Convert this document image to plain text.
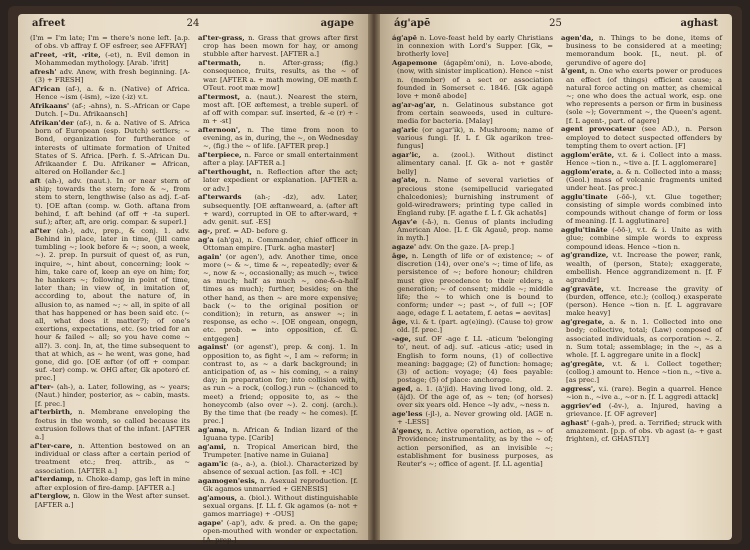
afreet	24	agape

(I'm = I'm late; I'm = there's none left. [a.p. of obs. vb affray f. OF esfreer, see AFFRAY]

af'reet, -rit, -rite, (-et), n. Evil demon in Mohammedan mythology. [Arab. 'ifrit]

afresh' adv. Anew, with fresh beginning. [A- (3) + FRESH]

Af'rican (af-), a. & n. (Native) of Africa. Hence ~ism (-ism), ~ize (-iz) v.t.

Afrikaans' (af-; -ahns), n. S.-African or Cape Dutch. [~Du. Afrikaansch]

Afrikan'der (af-), n. & a. Native of S. Africa born of European (esp. Dutch) settlers; ~ Bond, organization for furtherance of interests of ultimate formation of United States of S. Africa. [Perh. f. S.-African Du. Afrikaander f. Du. Afrikaner = African, altered on Hollander &c.]

aft (ah-), adv. (naut.). In or near stern of ship; towards the stern; fore & ~, from stem to stern, lengthwise (also as adj. f.-af-t). [OE aftan (comp. w. Goth. aftana from behind, f. aft behind (af off + -ta superl. suf.); after, aft, are orig. compar. & superl.]

af'ter (ah-), adv., prep., & conj. 1. adv. Behind in place, later in time, (Jill came tumbling ~; look before & ~; soon, a week, ~). 2. prep. In pursuit of quest of, as run, inquire, ~, hint about, concerning; look ~ him, take care of, keep an eye on him; for, he hankers ~; following in point of time, later than; in view of, in imitation of, according to, about the nature of, in allusion to, as named ~; ~ all, in spite of all that has happened or has been said etc. (~ all, what does it matter?); of one's exertions, expectations, etc. (so tried for an hour & failed ~ all; so you have come ~ all?). 3. conj. In, at, the time subsequent to that at which, as ~ he went, was gone, had gone, did go. [OE æfter (of off + compar. suf. -ter) comp. w. OHG after, Gk apoteró cf. prec.]

af'ter- (ah-), a. Later, following, as ~ years; (Naut.) hinder, posterior, as ~ cabin, masts. [f. prec.]

af'terbirth, n. Membrane enveloping the foetus in the womb, so called because its extrusion follows that of the infant. [AFTER a.]

af'ter-care, n. Attention bestowed on an individual or class after a certain period of treatment etc.; freq. attrib., as ~ association. [AFTER a.]

af'terdamp, n. Choke-damp, gas left in mine after explosion of fire-damp. [AFTER a.]

af'terglow, n. Glow in the West after sunset. [AFTER a.]

af'ter-grass, n. Grass that grows after first crop has been mown for hay, or among stubble after harvest. [AFTER a.]

af'termath,	n. After-grass; (fig.) consequence, fruits, results, as the ~ of war. [AFTER a. + math mowing, OE mæth f. OTeut. root mæ mow]

af'termost, a. (naut.). Nearest the stern, most aft. [OE æftemest, a treble superl. of af off with compar. suf. inserted, & -e (r) + -m + -st]

afternoon', n. The time from noon to evening, as in, during, the ~, on Wednesday ~, (fig.) the ~ of life. [AFTER prep.]

af'terpiece, n. Farce or small entertainment after a play. [AFTER a.]

af'terthought, n. Reflection after the act; later expedient or explanation. [AFTER a. or adv.]

af'terwards (ah-; -dz), adv. Later, subsequently. [OE æftanweard, a. (after aft + ward), corrupted in OE to after-ward, + adv. genit. suf. -ES]

ag-, pref. = AD- before g.

ag'a (ah'ga), n. Commander, chief officer in Ottoman empire. [Turk. agha master]

again' (or agen'), adv. Another time, once more (~ & ~, time & ~, repeatedly; ever & ~, now & ~, occasionally; as much ~, twice as much; half as much ~, one-&-a-half times as much); further, besides; on the other hand, as then ~ are more expensive; back (~ to the original position or condition); in return, as answer ~; in response, as echo ~. [OE ongean, ongegn, etc. prob. = into opposition, cf. G. entgegen]

against' (or agenst'), prep. & conj. 1. In opposition to, as fight ~, I am ~ reform; in contrast to, as ~ a dark background; in anticipation of, as ~ his coming, ~ a rainy day; in preparation for; into collision with, as run ~ a rock, (collog.) run ~ (chanced to meet) a friend; opposite to, as ~ the honeycomb (also over ~). 2. conj. (arch.). By the time that (be ready ~ he comes). [f. prec.]

ag'ama, n. African & Indian lizard of the Iguana type. [Carib]

ag'ami, n. Tropical American bird, the Trumpeter. [native name in Guiana]

agam'ic (a-, a-), a. (biol.). Characterized by absence of sexual action. [as foll. + -IC]

agamogen'esis, n. Asexual reproduction. [f. Gk agamos unmarried + GENESIS]

ag'amous, a. (biol.). Without distinguishable sexual organs. [f. LL f. Gk agamos (a- not + gamos marriage) + -OUS]

agape' (-ap'), adv. & pred. a. On the gape; open-mouthed with wonder or expectation. [A- prep.]

ág'apē	25	aghast

ág'apē n. Love-feast held by early Christians in connexion with Lord's Supper. [Gk, = brotherly love]

Agapemone (ágapěm'oni), n. Love-abode, (now, with sinister implication). Hence ~nist n. (member) of a sect or association founded in Somerset c. 1846. [Gk agapē love + monē abode]

ag'ar-ag'ar, n. Gelatinous substance got from certain seaweeds, used in culture-media for bacteria. [Malay]

ag'aric (or agar'ik), n. Mushroom; name of various fungi. [f. L f. Gk agarikon tree-fungus]

agar'ic, a. (zool.). Without distinct alimentary canal. [f. Gk a- not + gastēr belly]

ag'ate, n. Name of several varieties of precious stone (semipellucid variegated chalcedonies); burnishing instrument of gold-wiredrawers; printing type called in England ruby. [F. agathe f. L f. Gk achatēs]

Agav'e (-ā-), n. Genus of plants including American Aloe. [L f. Gk Agauē, prop. name in myth.]

agaze' adv. On the gaze. [A- prep.]

âge, n. Length of life or of existence; ~ of discretion (14), over one's ~; time of life, as persistence of ~; before honour; children must give precedence to their elders; a generation; ~ of consent; middle ~; middle life; the ~ to which one is bound to conform; under ~; past ~, of full ~; [OF aage, edage f. L aetatem, f. aetas = aevitas]

âge, v.i. & t. (part. ag(e)ing). (Cause to) grow old. [f. prec.]

-age, suf. OF -age f. LL -aticum 'belonging to', neut. of adj. suf. -aticus -atic; used in English to form nouns, (1) of collective meaning: baggage; (2) of function: homage; (3) of action: voyage; (4) fees payable: postage; (5) of place: anchorage.

aged, a. 1. (ā'jĭd). Having lived long, old. 2. (ājd). Of the age of, as ~ ten; (of horses) over six years old. Hence ~ly adv., ~ness n.

age'less (-jl-), a. Never growing old. [AGE n. + -LESS]

ā'gency, n. Active operation, action, as ~ of Providence; instrumentality, as by the ~ of; action personified, as an invisible ~; establishment for business purposes, as Reuter's ~; office of agent. [f. LL agentia]

agen'da, n. Things to be done, items of business to be considered at a meeting; memorandum book. [L, neut. pl. of gerundive of agere do]

ā'gent, n. One who exerts power or produces an effect (of things) efficient cause; a natural force acting on matter, as chemical ~; one who does the actual work, esp. one who represents a person or firm in business (sole ~); Government ~, the Queen's agent. [f. L agent-, part. of agere]

agent provocateur (see AD.), n. Person employed to detect suspected offenders by tempting them to overt action. [F]

agglom'erāte, v.t. & i. Collect into a mass. Hence ~tion n., ~tive a. [f. L agglomerare]

agglom'erate, a. & n. Collected into a mass; (Geol.) mass of volcanic fragments united under heat. [as prec.]

agglu'tinate (-ōō-), v.t. Glue together; consisting of simple words combined into compounds without change of form or loss of meaning. [f. L agglutinare]

agglu'tināte (-ōō-), v.t. & i. Unite as with glue; combine simple words to express compound ideas. Hence ~tion n.

ag'grandize, v.t. Increase the power, rank, wealth, of (person, State); exaggerate, embellish. Hence aggrandizement n. [f. F agrandir]

ag'gravāte, v.t. Increase the gravity of (burden, offence, etc.); (colloq.) exasperate (person). Hence ~tion n. [f. L aggravare make heavy]

ag'gregate, a. & n. 1. Collected into one body; collective, total; (Law) composed of associated individuals, as corporation ~. 2. n. Sum total; assemblage; in the ~, as a whole. [f. L aggregare unite in a flock]

ag'gregāte, v.t. & i. Collect together; (collog.) amount to. Hence ~tion n., ~tive a. [as prec.]

aggress', v.i. (rare). Begin a quarrel. Hence ~ion n., ~ive a., ~or n. [f. L aggredi attack]

aggriev'ed (-ēv-), a. Injured, having a grievance. [f. OF agrever]

aghast' (-gah-), pred. a. Terrified; struck with amazement. [p.p. of obs. vb agast (a- + gast frighten), cf. GHASTLY]
